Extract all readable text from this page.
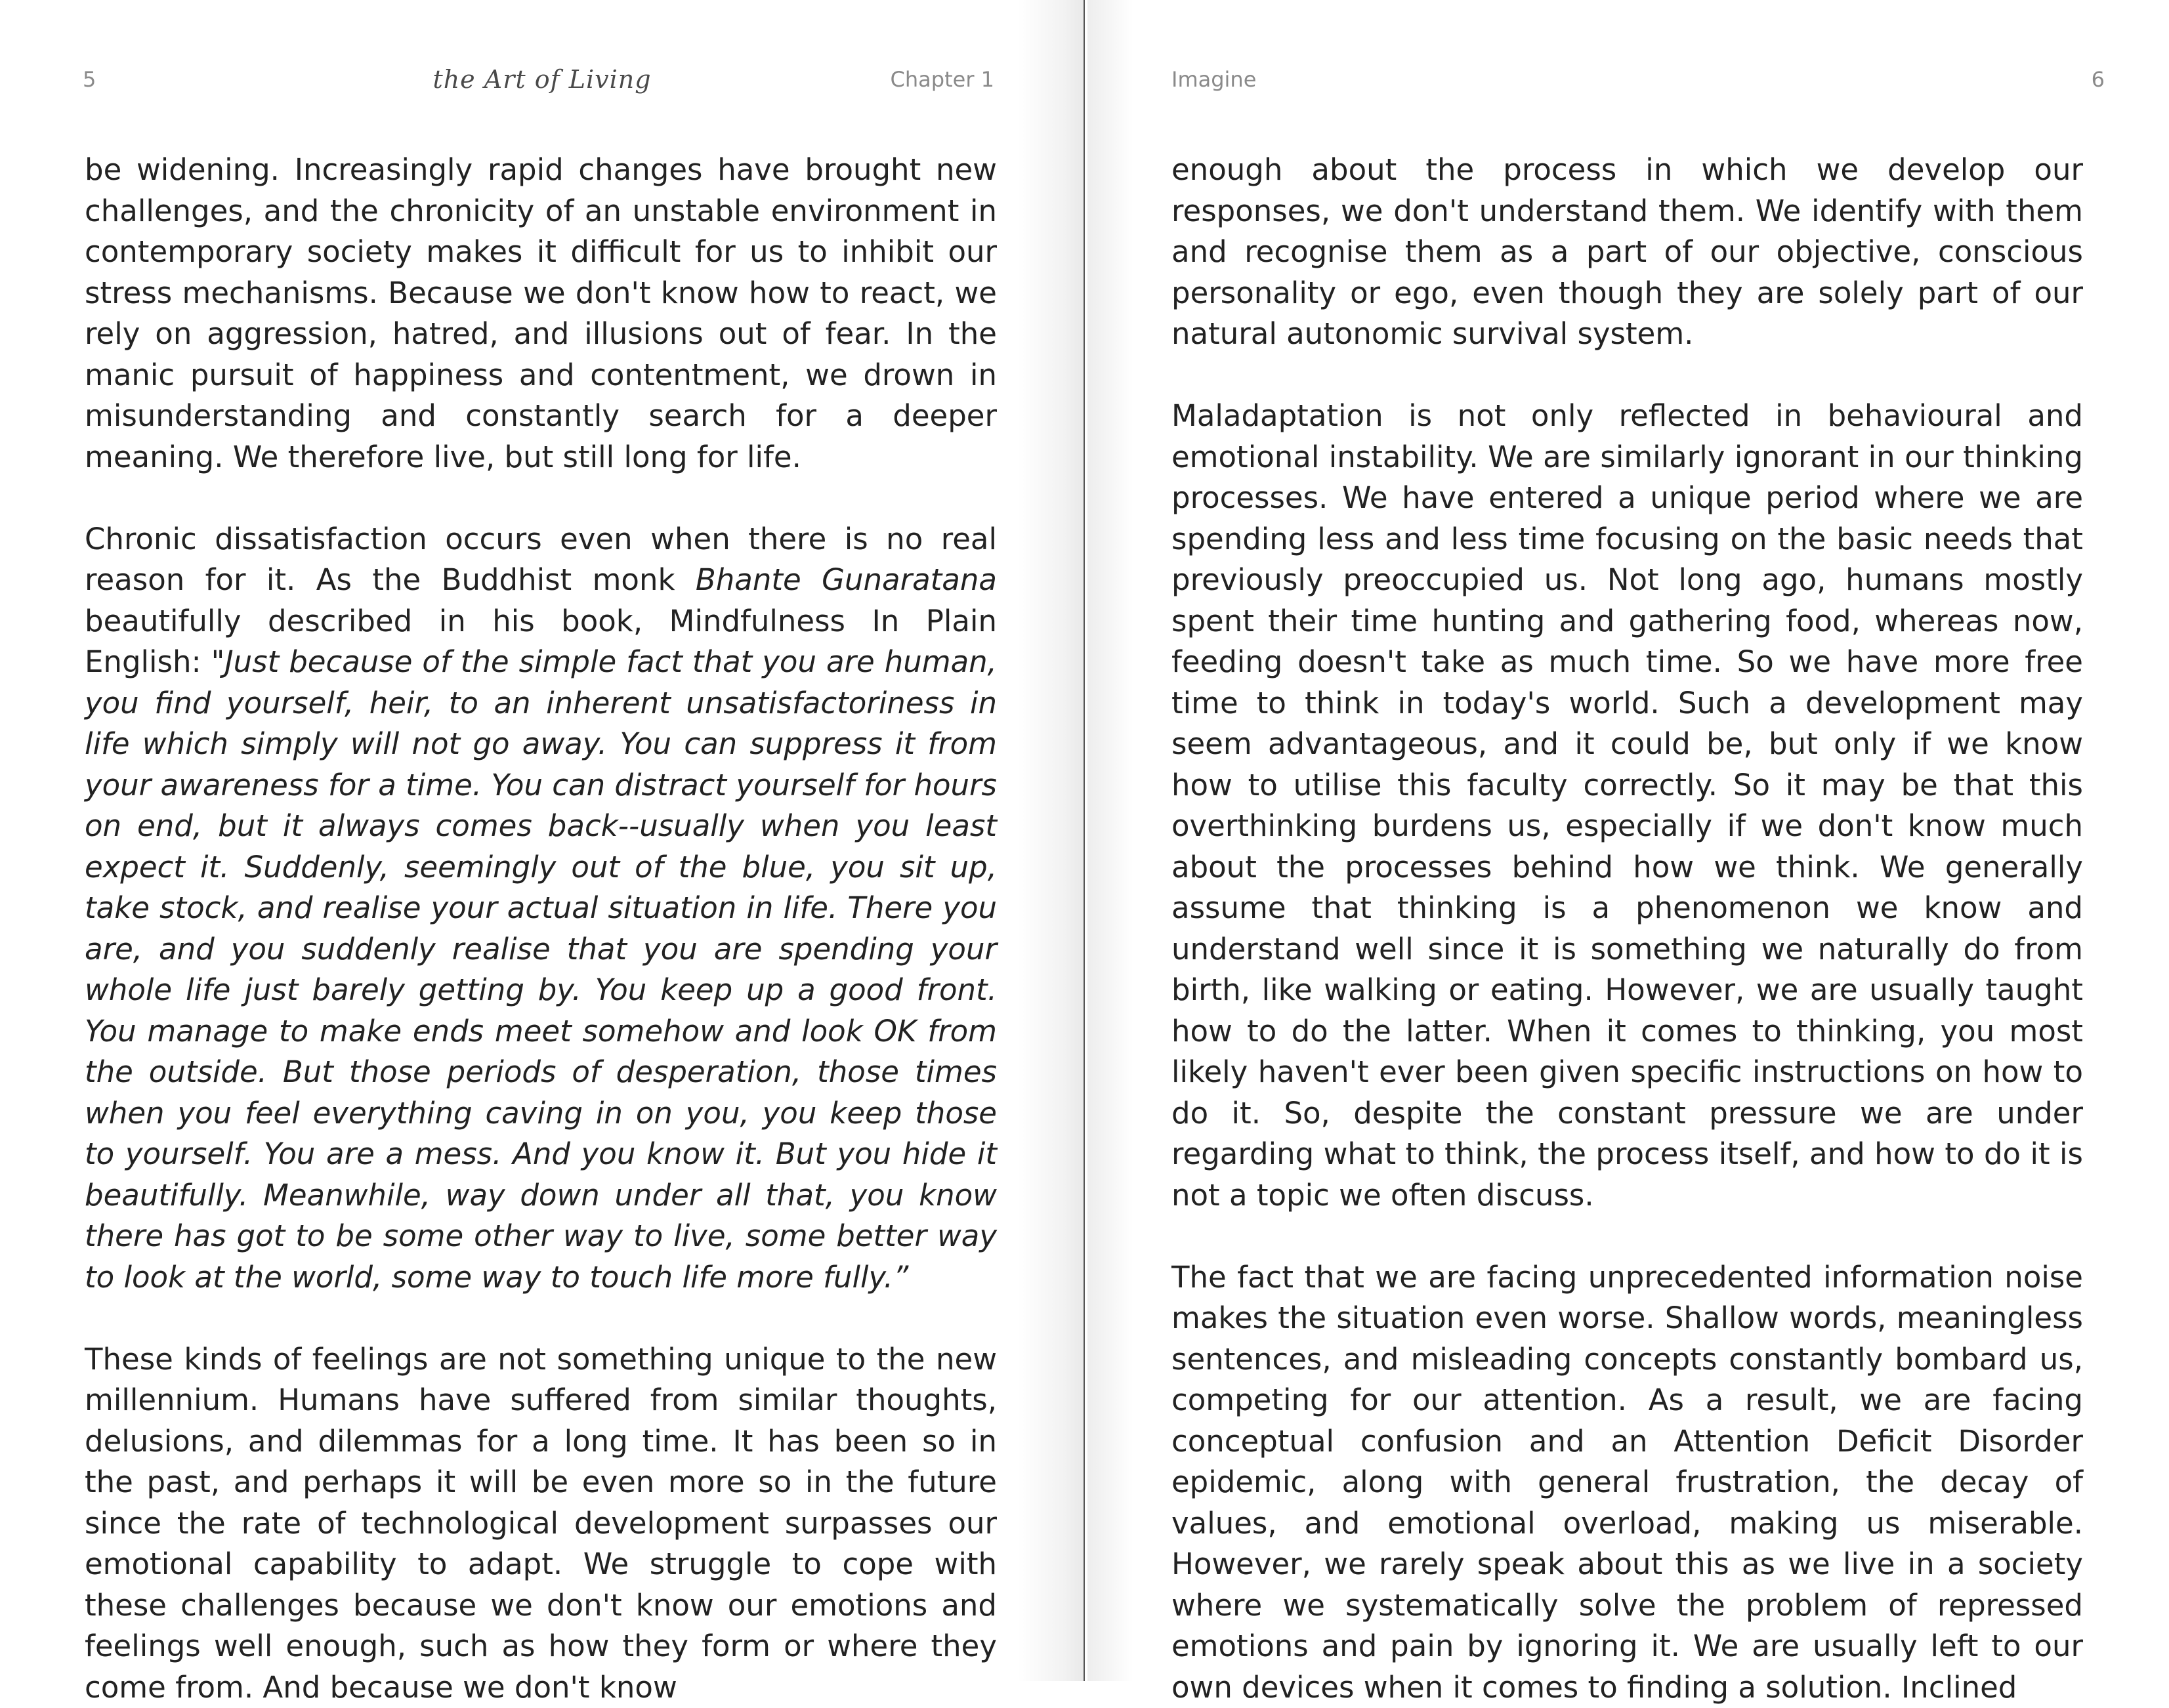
5	the Art of Living	Chapter 1

be widening. Increasingly rapid changes have brought new challenges, and the chronicity of an unstable environment in contemporary society makes it difficult for us to inhibit our stress mechanisms. Because we don't know how to react, we rely on aggression, hatred, and illusions out of fear. In the manic pursuit of happiness and contentment, we drown in misunderstanding and constantly search for a deeper meaning. We therefore live, but still long for life.

Chronic dissatisfaction occurs even when there is no real reason for it. As the Buddhist monk Bhante Gunaratana beautifully described in his book, Mindfulness In Plain English: "Just because of the simple fact that you are human, you find yourself, heir, to an inherent unsatisfactoriness in life which simply will not go away. You can suppress it from your awareness for a time. You can distract yourself for hours on end, but it always comes back--usually when you least expect it. Suddenly, seemingly out of the blue, you sit up, take stock, and realise your actual situation in life. There you are, and you suddenly realise that you are spending your whole life just barely getting by. You keep up a good front. You manage to make ends meet somehow and look OK from the outside. But those periods of desperation, those times when you feel everything caving in on you, you keep those to yourself. You are a mess. And you know it. But you hide it beautifully. Meanwhile, way down under all that, you know there has got to be some other way to live, some better way to look at the world, some way to touch life more fully.”

These kinds of feelings are not something unique to the new millennium. Humans have suffered from similar thoughts, delusions, and dilemmas for a long time. It has been so in the past, and perhaps it will be even more so in the future since the rate of technological development surpasses our emotional capability to adapt. We struggle to cope with these challenges because we don't know our emotions and feelings well enough, such as how they form or where they come from. And because we don't know

Imagine	6

enough about the process in which we develop our responses, we don't understand them. We identify with them and recognise them as a part of our objective, conscious personality or ego, even though they are solely part of our natural autonomic survival system.

Maladaptation is not only reflected in behavioural and emotional instability. We are similarly ignorant in our thinking processes. We have entered a unique period where we are spending less and less time focusing on the basic needs that previously preoccupied us. Not long ago, humans mostly spent their time hunting and gathering food, whereas now, feeding doesn't take as much time. So we have more free time to think in today's world. Such a development may seem advantageous, and it could be, but only if we know how to utilise this faculty correctly. So it may be that this overthinking burdens us, especially if we don't know much about the processes behind how we think. We generally assume that thinking is a phenomenon we know and understand well since it is something we naturally do from birth, like walking or eating. However, we are usually taught how to do the latter. When it comes to thinking, you most likely haven't ever been given specific instructions on how to do it. So, despite the constant pressure we are under regarding what to think, the process itself, and how to do it is not a topic we often discuss.

The fact that we are facing unprecedented information noise makes the situation even worse. Shallow words, meaningless sentences, and misleading concepts constantly bombard us, competing for our attention. As a result, we are facing conceptual confusion and an Attention Deficit Disorder epidemic, along with general frustration, the decay of values, and emotional overload, making us miserable. However, we rarely speak about this as we live in a society where we systematically solve the problem of repressed emotions and pain by ignoring it. We are usually left to our own devices when it comes to finding a solution. Inclined
